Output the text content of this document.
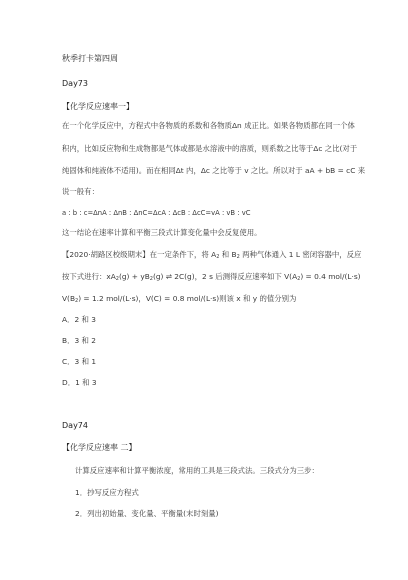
秋季打卡第四周
Day73
【化学反应速率一】
在一个化学反应中，方程式中各物质的系数和各物质Δn 成正比。如果各物质都在同一个体
积内，比如反应物和生成物都是气体或都是水溶液中的溶质，则系数之比等于Δc 之比(对于
纯固体和纯液体不适用)。而在相同Δt 内，Δc 之比等于 v 之比。所以对于 aA + bB = cC 来
说一般有：
a : b : c=ΔnA : ΔnB : ΔnC=ΔcA : ΔcB : ΔcC=vA : vB : vC
这一结论在速率计算和平衡三段式计算变化量中会反复使用。
【2020·胡路区校级期末】在一定条件下，将 $A_2$ 和 $B_2$ 两种气体通入 1 L 密闭容器中，反应
按下式进行：$xA_2(g) + yB_2(g)$ ⇌ 2C(g)，2 s 后测得反应速率如下 $V(A_2) = 0.4$ mol/(L·s)
$V(B_2) = 1.2$ mol/(L·s)，V(C) = 0.8 mol/(L·s)则该 x 和 y 的值分别为
A．2 和 3
B．3 和 2
C．3 和 1
D．1 和 3
Day74
【化学反应速率 二】
计算反应速率和计算平衡浓度，常用的工具是三段式法。三段式分为三步：
1．抄写反应方程式
2．列出初始量、变化量、平衡量(末时刻量)
